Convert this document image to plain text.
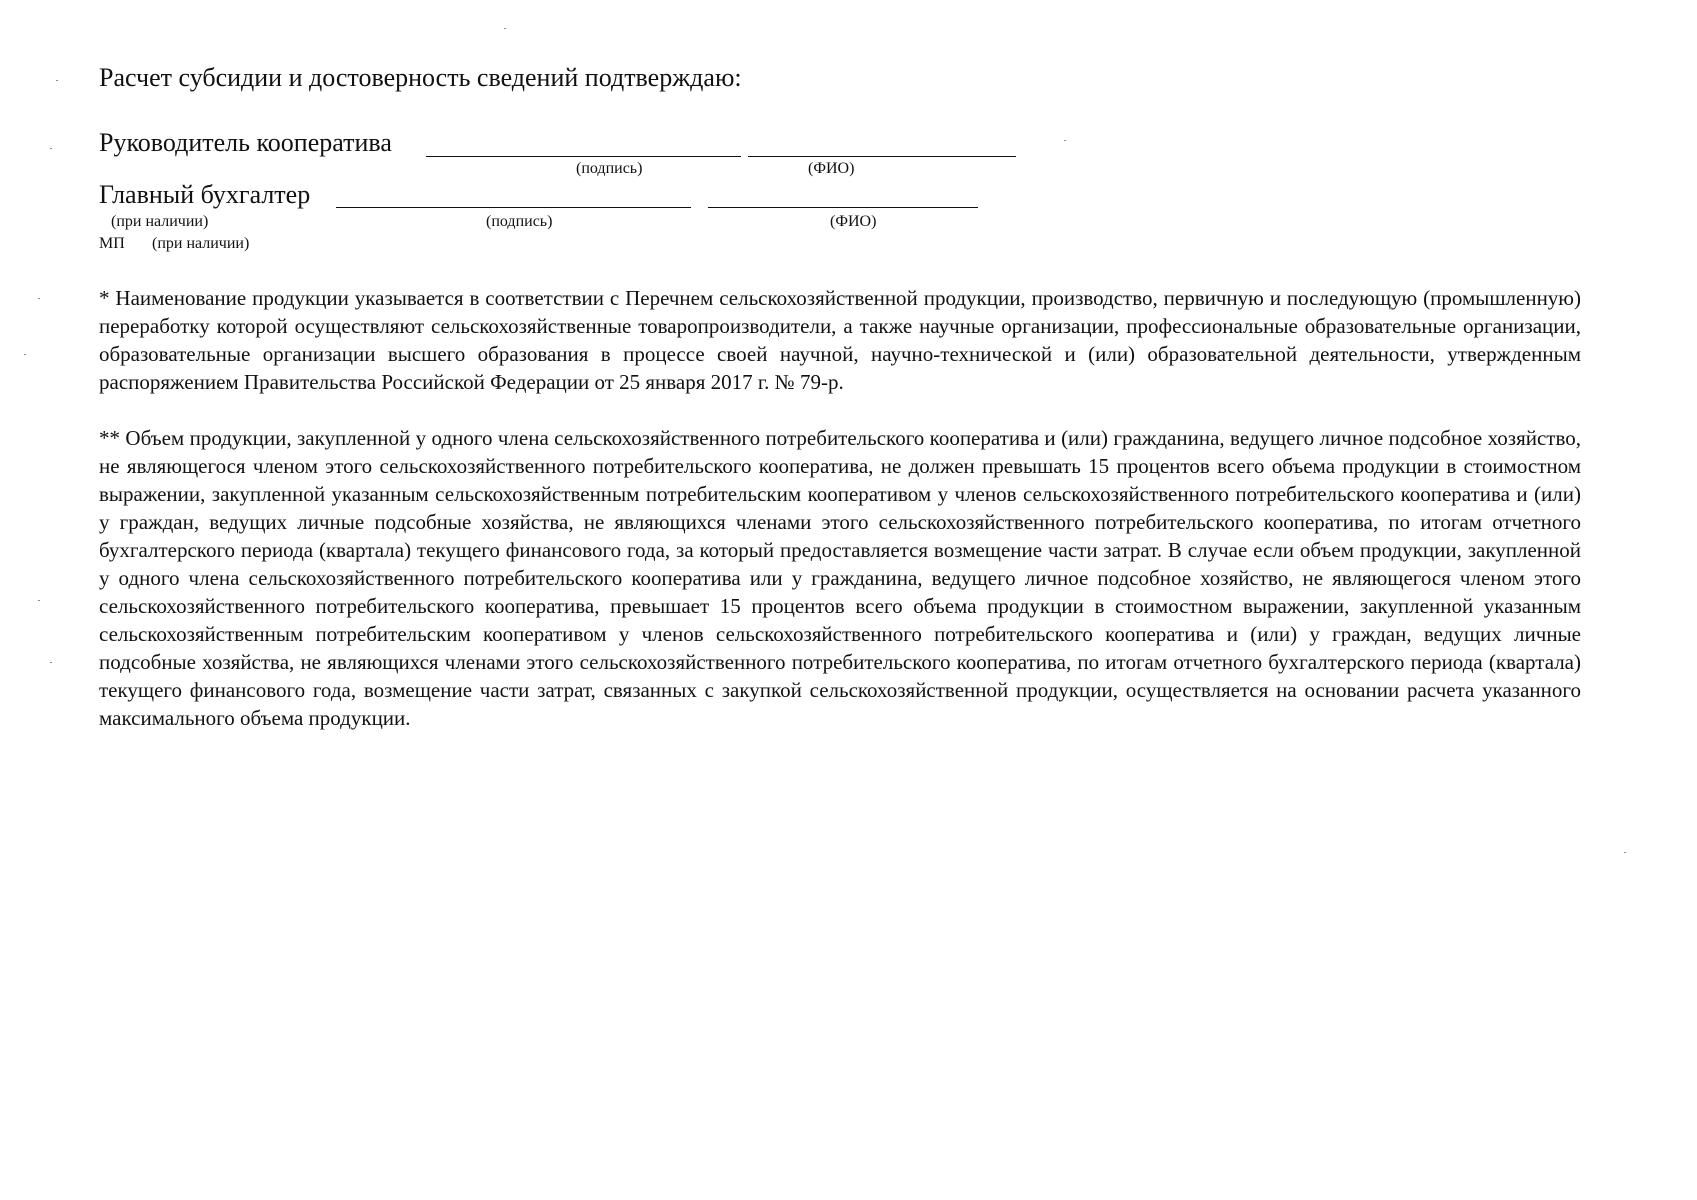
Расчет субсидии и достоверность сведений подтверждаю:
Руководитель кооператива
(подпись)	(ФИО)
Главный бухгалтер
(при наличии)	(подпись)	(ФИО)
МП (при наличии)

* Наименование продукции указывается в соответствии с Перечнем сельскохозяйственной продукции, производство, первичную и последующую (промышленную) переработку которой осуществляют сельскохозяйственные товаропроизводители, а также научные организации, профессиональные образовательные организации, образовательные организации высшего образования в процессе своей научной, научно-технической и (или) образовательной деятельности, утвержденным распоряжением Правительства Российской Федерации от 25 января 2017 г. № 79-р.

** Объем продукции, закупленной у одного члена сельскохозяйственного потребительского кооператива и (или) гражданина, ведущего личное подсобное хозяйство, не являющегося членом этого сельскохозяйственного потребительского кооператива, не должен превышать 15 процентов всего объема продукции в стоимостном выражении, закупленной указанным сельскохозяйственным потребительским кооперативом у членов сельскохозяйственного потребительского кооператива и (или) у граждан, ведущих личные подсобные хозяйства, не являющихся членами этого сельскохозяйственного потребительского кооператива, по итогам отчетного бухгалтерского периода (квартала) текущего финансового года, за который предоставляется возмещение части затрат. В случае если объем продукции, закупленной у одного члена сельскохозяйственного потребительского кооператива или у гражданина, ведущего личное подсобное хозяйство, не являющегося членом этого сельскохозяйственного потребительского кооператива, превышает 15 процентов всего объема продукции в стоимостном выражении, закупленной указанным сельскохозяйственным потребительским кооперативом у членов сельскохозяйственного потребительского кооператива и (или) у граждан, ведущих личные подсобные хозяйства, не являющихся членами этого сельскохозяйственного потребительского кооператива, по итогам отчетного бухгалтерского периода (квартала) текущего финансового года, возмещение части затрат, связанных с закупкой сельскохозяйственной продукции, осуществляется на основании расчета указанного максимального объема продукции.
